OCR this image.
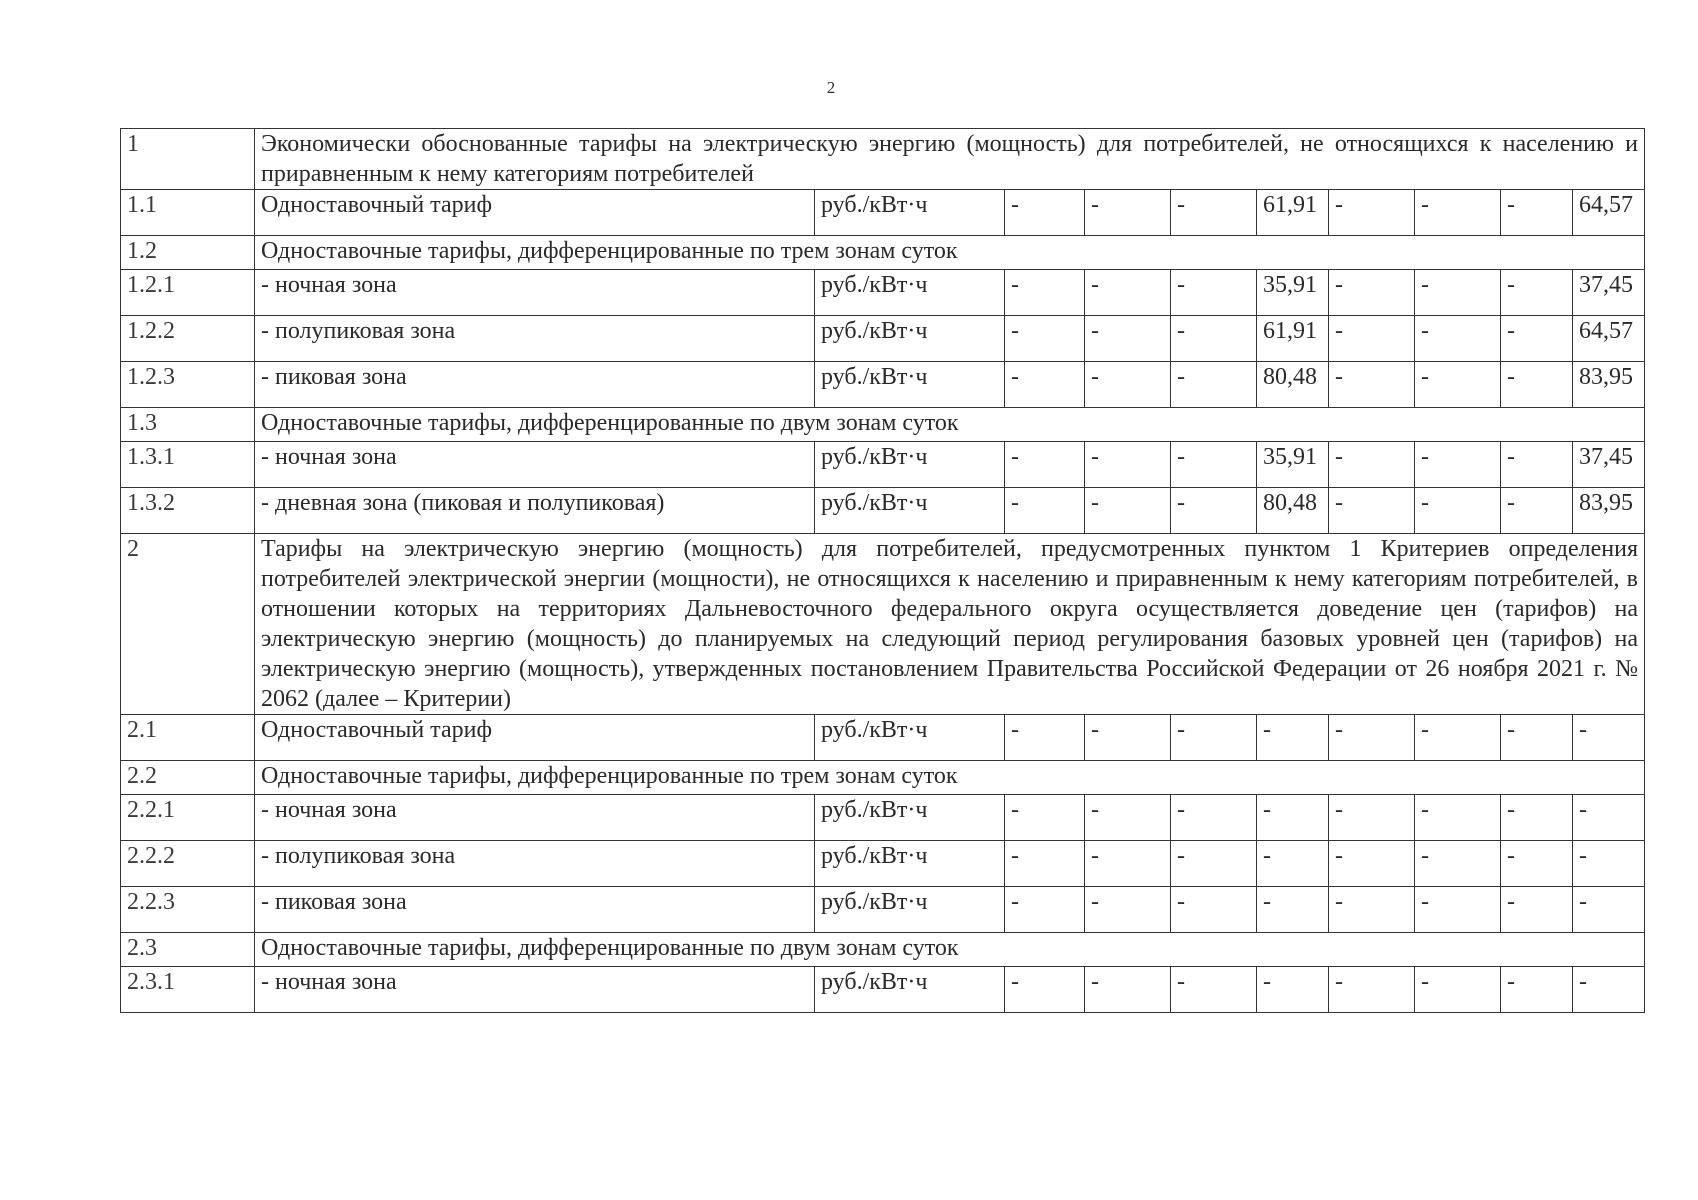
2
1	Экономически обоснованные тарифы на электрическую энергию (мощность) для потребителей, не относящихся к населению и приравненным к нему категориям потребителей									
1.1	Одноставочный тариф	руб./кВт·ч	-	-	-	61,91	-	-	-	64,57
1.2	Одноставочные тарифы, дифференцированные по трем зонам суток									
1.2.1	- ночная зона	руб./кВт·ч	-	-	-	35,91	-	-	-	37,45
1.2.2	- полупиковая зона	руб./кВт·ч	-	-	-	61,91	-	-	-	64,57
1.2.3	- пиковая зона	руб./кВт·ч	-	-	-	80,48	-	-	-	83,95
1.3	Одноставочные тарифы, дифференцированные по двум зонам суток									
1.3.1	- ночная зона	руб./кВт·ч	-	-	-	35,91	-	-	-	37,45
1.3.2	- дневная зона (пиковая и полупиковая)	руб./кВт·ч	-	-	-	80,48	-	-	-	83,95
2	Тарифы на электрическую энергию (мощность) для потребителей, предусмотренных пунктом 1 Критериев определения потребителей электрической энергии (мощности), не относящихся к населению и приравненным к нему категориям потребителей, в отношении которых на территориях Дальневосточного федерального округа осуществляется доведение цен (тарифов) на электрическую энергию (мощность) до планируемых на следующий период регулирования базовых уровней цен (тарифов) на электрическую энергию (мощность), утвержденных постановлением Правительства Российской Федерации от 26 ноября 2021 г. № 2062 (далее – Критерии)									
2.1	Одноставочный тариф	руб./кВт·ч	-	-	-	-	-	-	-	-
2.2	Одноставочные тарифы, дифференцированные по трем зонам суток									
2.2.1	- ночная зона	руб./кВт·ч	-	-	-	-	-	-	-	-
2.2.2	- полупиковая зона	руб./кВт·ч	-	-	-	-	-	-	-	-
2.2.3	- пиковая зона	руб./кВт·ч	-	-	-	-	-	-	-	-
2.3	Одноставочные тарифы, дифференцированные по двум зонам суток									
2.3.1	- ночная зона	руб./кВт·ч	-	-	-	-	-	-	-	-
